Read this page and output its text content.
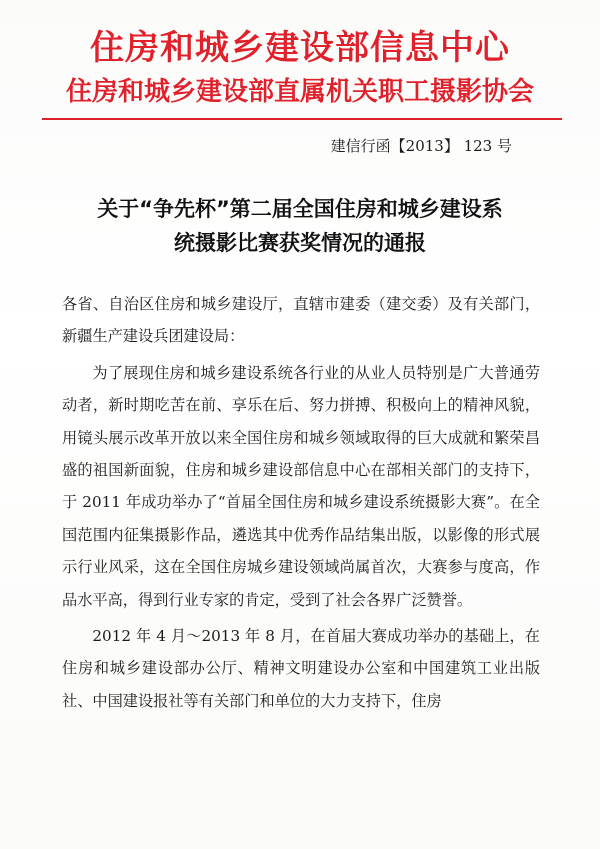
住房和城乡建设部信息中心
住房和城乡建设部直属机关职工摄影协会
建信行函【2013】 123 号
关于“争先杯”第二届全国住房和城乡建设系
统摄影比赛获奖情况的通报

各省、自治区住房和城乡建设厅，直辖市建委（建交委）及有关部门，新疆生产建设兵团建设局：

为了展现住房和城乡建设系统各行业的从业人员特别是广大普通劳动者，新时期吃苦在前、享乐在后、努力拼搏、积极向上的精神风貌，用镜头展示改革开放以来全国住房和城乡领域取得的巨大成就和繁荣昌盛的祖国新面貌，住房和城乡建设部信息中心在部相关部门的支持下，于 2011 年成功举办了“首届全国住房和城乡建设系统摄影大赛”。在全国范围内征集摄影作品，遴选其中优秀作品结集出版，以影像的形式展示行业风采，这在全国住房城乡建设领域尚属首次，大赛参与度高，作品水平高，得到行业专家的肯定，受到了社会各界广泛赞誉。

2012 年 4 月～2013 年 8 月，在首届大赛成功举办的基础上，在住房和城乡建设部办公厅、精神文明建设办公室和中国建筑工业出版社、中国建设报社等有关部门和单位的大力支持下，住房
